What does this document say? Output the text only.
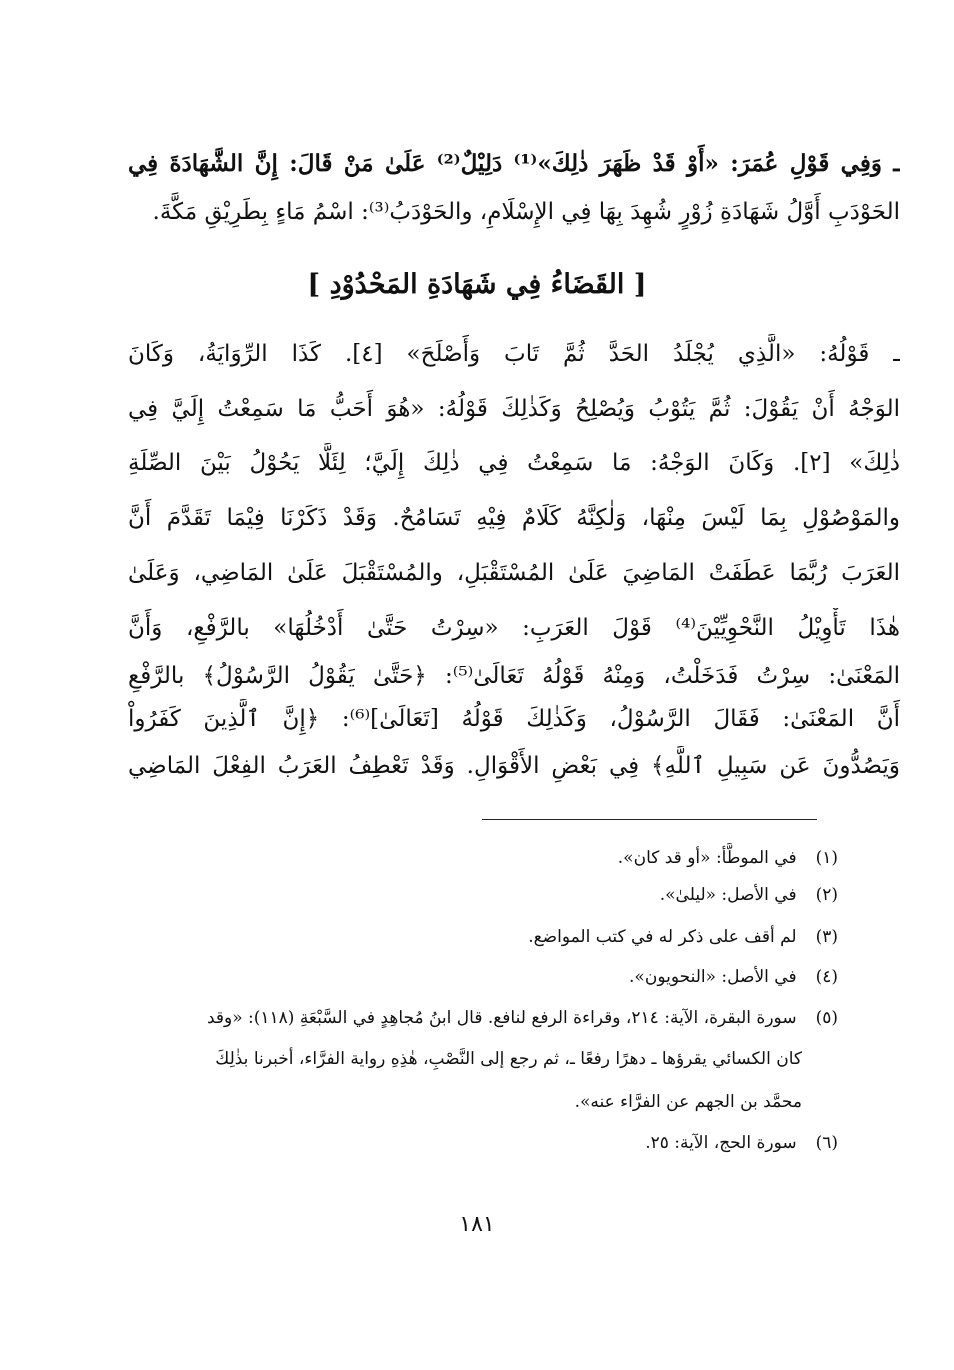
ـ وَفِي قَوْلِ عُمَرَ: «أَوْ قَدْ ظَهَرَ ذٰلِكَ»⁽¹⁾ دَلِيْلٌ⁽²⁾ عَلَىٰ مَنْ قَالَ: إِنَّ الشَّهَادَةَ فِي
الحَوْدَبِ أَوَّلُ شَهَادَةِ زُوْرٍ شُهِدَ بِهَا فِي الإِسْلَامِ، والحَوْدَبُ⁽³⁾: اسْمُ مَاءٍ بِطَرِيْقِ مَكَّةَ.
[ القَضَاءُ فِي شَهَادَةِ المَحْدُوْدِ ]
ـ قَوْلُهُ: «الَّذِي يُجْلَدُ الحَدَّ ثُمَّ تَابَ وَأَصْلَحَ» [٤]. كَذَا الرِّوَايَةُ، وَكَانَ
الوَجْهُ أَنْ يَقُوْلَ: ثُمَّ يَتُوْبُ وَيُصْلِحُ وَكَذٰلِكَ قَوْلُهُ: «هُوَ أَحَبُّ مَا سَمِعْتُ إِلَيَّ فِي
ذٰلِكَ» [٢]. وَكَانَ الوَجْهُ: مَا سَمِعْتُ فِي ذٰلِكَ إِلَيَّ؛ لِئَلَّا يَحُوْلُ بَيْنَ الصِّلَةِ
والمَوْصُوْلِ بِمَا لَيْسَ مِنْهَا، وَلٰكِنَّهُ كَلَامٌ فِيْهِ تَسَامُحٌ. وَقَدْ ذَكَرْنَا فِيْمَا تَقَدَّمَ أَنَّ
العَرَبَ رُبَّمَا عَطَفَتْ المَاضِيَ عَلَىٰ المُسْتَقْبَلِ، والمُسْتَقْبَلَ عَلَىٰ المَاضِي، وَعَلَىٰ
هٰذَا تَأْوِيْلُ النَّحْوِيِّيْنَ⁽⁴⁾ قَوْلَ العَرَبِ: «سِرْتُ حَتَّىٰ أَدْخُلُهَا» بالرَّفْعِ، وَأَنَّ
المَعْنَىٰ: سِرْتُ فَدَخَلْتُ، وَمِنْهُ قَوْلُهُ تَعَالَىٰ⁽⁵⁾: ﴿حَتَّىٰ يَقُوْلُ الرَّسُوْلُ﴾ بالرَّفْعِ
أَنَّ المَعْنَىٰ: فَقَالَ الرَّسُوْلُ، وَكَذٰلِكَ قَوْلُهُ [تَعَالَىٰ]⁽⁶⁾: ﴿إِنَّ ٱلَّذِينَ كَفَرُواْ
وَيَصُدُّونَ عَن سَبِيلِ ٱللَّهِ﴾ فِي بَعْضِ الأَقْوَالِ. وَقَدْ تَعْطِفُ العَرَبُ الفِعْلَ المَاضِي
(١) في الموطَّأ: «أو قد كان».
(٢) في الأصل: «ليلىٰ».
(٣) لم أقف على ذكر له في كتب المواضع.
(٤) في الأصل: «النحويون».
(٥) سورة البقرة، الآية: ٢١٤، وقراءة الرفع لنافع. قال ابنُ مُجاهِدٍ في السَّبْعَةِ (١١٨): «وقد
كان الكسائي يقرؤها ـ دهرًا رفعًا ـ، ثم رجع إلى النَّصْبِ، هٰذِهِ رواية الفرَّاء، أخبرنا بذٰلِكَ
محمَّد بن الجهم عن الفرَّاء عنه».
(٦) سورة الحج، الآية: ٢٥.
١٨١
